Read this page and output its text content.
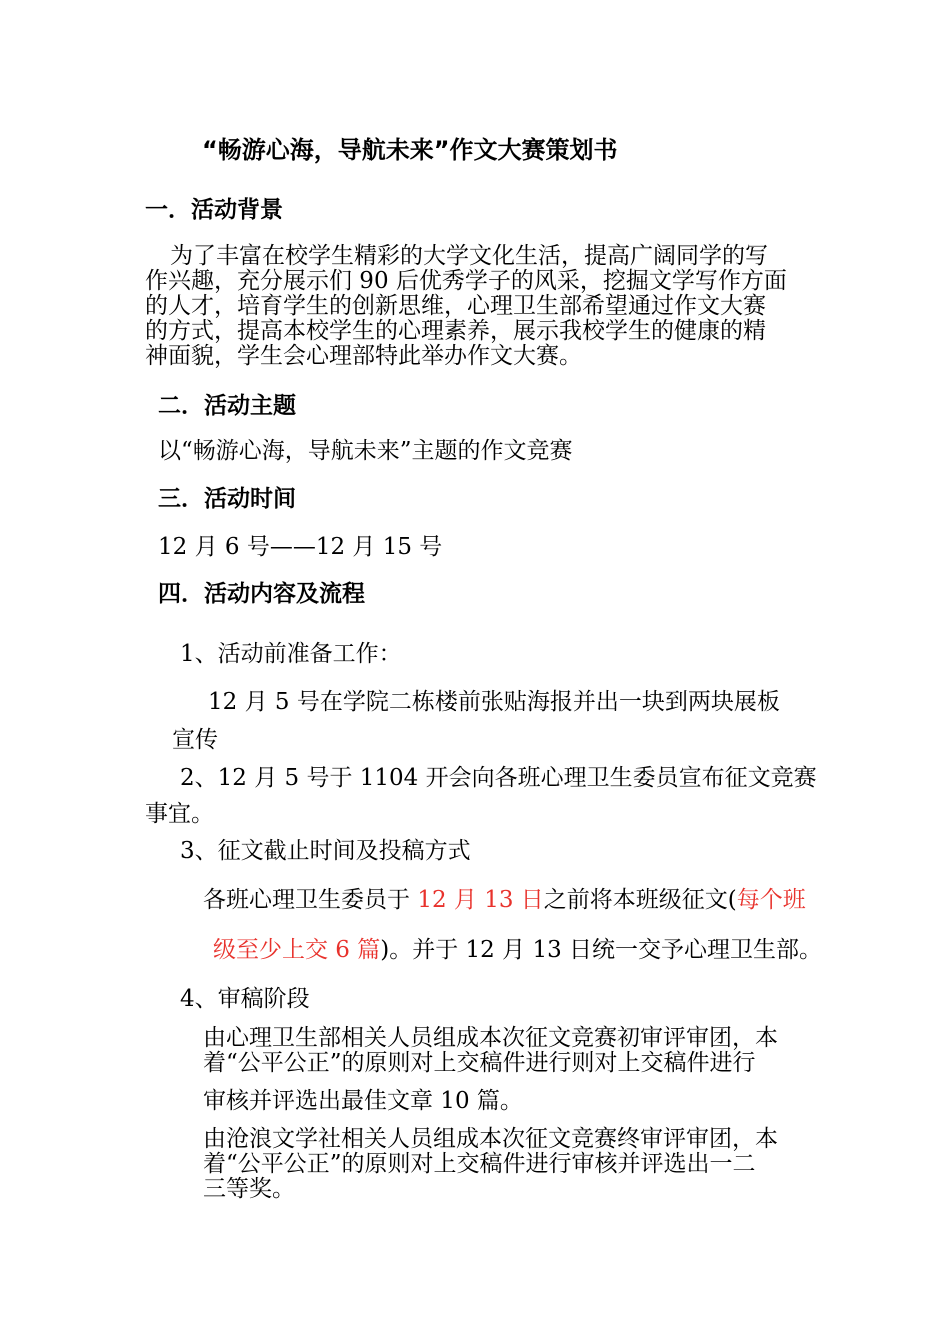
“畅游心海，导航未来”作文大赛策划书
一．活动背景
为了丰富在校学生精彩的大学文化生活，提高广阔同学的写
作兴趣，充分展示们 90 后优秀学子的风采，挖掘文学写作方面
的人才，培育学生的创新思维，心理卫生部希望通过作文大赛
的方式，提高本校学生的心理素养，展示我校学生的健康的精
神面貌，学生会心理部特此举办作文大赛。
二．活动主题
以“畅游心海，导航未来”主题的作文竞赛
三．活动时间
12 月 6 号——12 月 15 号
四．活动内容及流程
1、活动前准备工作：
12 月 5 号在学院二栋楼前张贴海报并出一块到两块展板
宣传
2、12 月 5 号于 1104 开会向各班心理卫生委员宣布征文竞赛
事宜。
3、征文截止时间及投稿方式
各班心理卫生委员于 12 月 13 日之前将本班级征文(每个班
级至少上交 6 篇)。并于 12 月 13 日统一交予心理卫生部。
4、审稿阶段
由心理卫生部相关人员组成本次征文竞赛初审评审团，本
着“公平公正”的原则对上交稿件进行则对上交稿件进行
审核并评选出最佳文章 10 篇。
由沧浪文学社相关人员组成本次征文竞赛终审评审团，本
着“公平公正”的原则对上交稿件进行审核并评选出一二
三等奖。
